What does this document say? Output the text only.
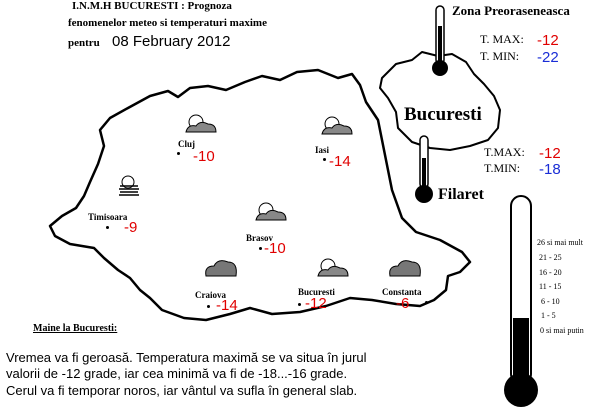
I.N.M.H BUCURESTI : Prognoza
fenomenelor meteo si temperaturi maxime
pentru 08 February 2012
Cluj
Iasi
Timisoara
Brasov
Craiova	Bucuresti	Constanta
-10	-14
-9
-10
-14	-12	-6
Zona Preoraseneasca
T. MAX: -12
T. MIN: -22
Bucuresti
T.MAX: -12
T.MIN: -18
Filaret
26 si mai mult
21 - 25
16 - 20
11 - 15
6 - 10
1 - 5
0 si mai putin
Maine la Bucuresti:
Vremea va fi geroasă. Temperatura maximă se va situa în jurul
valorii de -12 grade, iar cea minimă va fi de -18...-16 grade.
Cerul va fi temporar noros, iar vântul va sufla în general slab.
